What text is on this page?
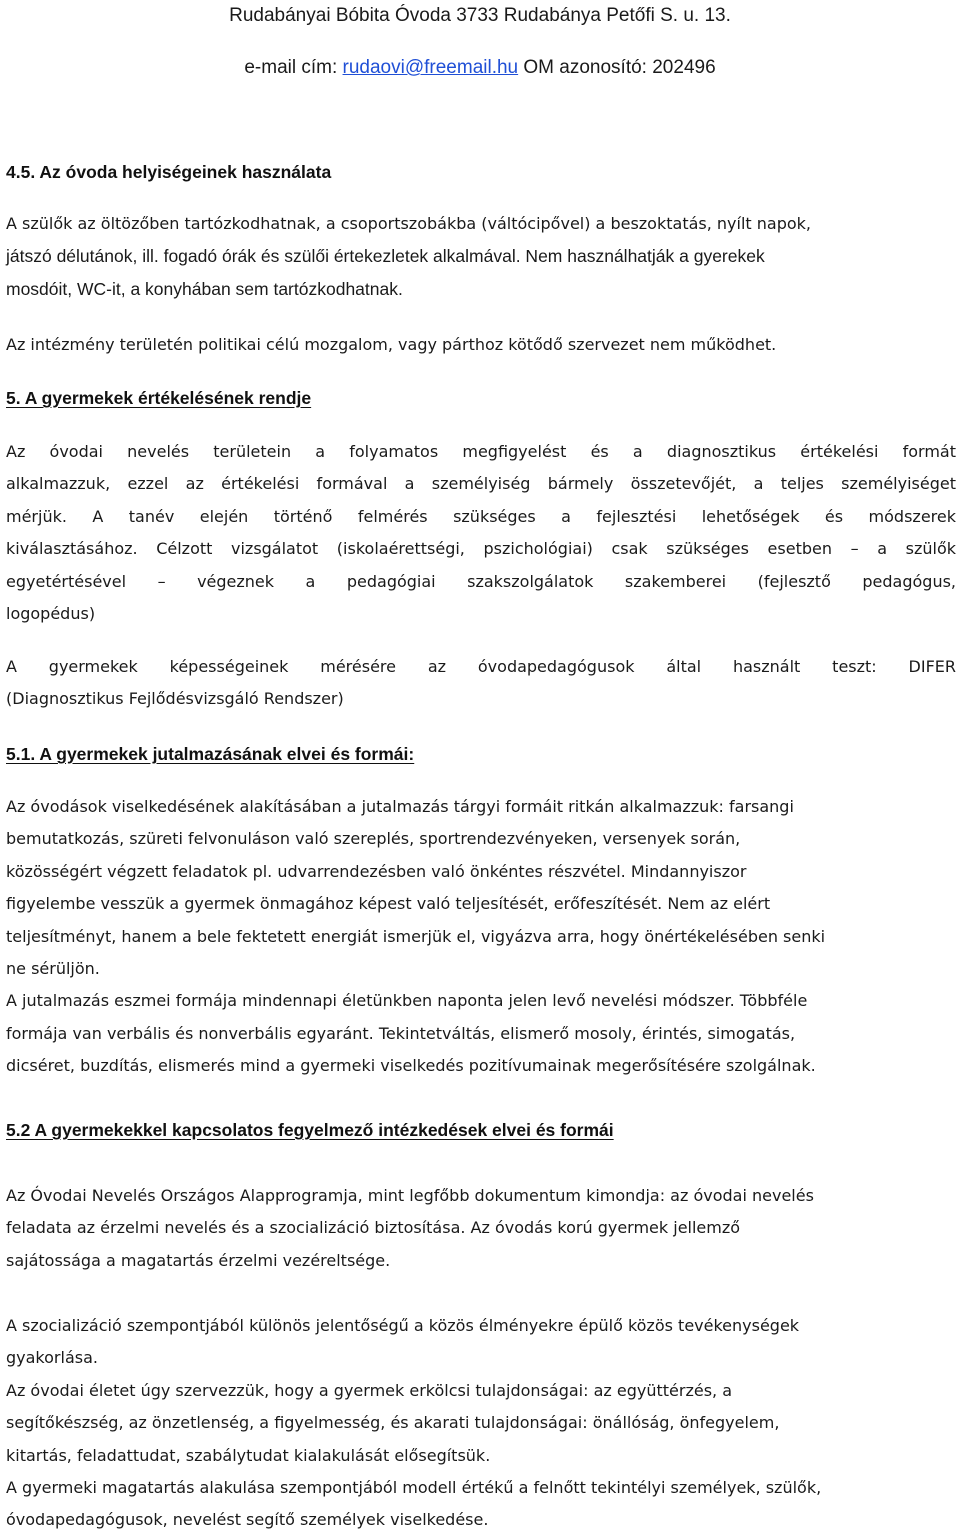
Rudabányai Bóbita Óvoda 3733 Rudabánya Petőfi S. u. 13.
e-mail cím: rudaovi@freemail.hu OM azonosító: 202496
4.5. Az óvoda helyiségeinek használata
A szülők az öltözőben tartózkodhatnak, a csoportszobákba (váltócipővel) a beszoktatás, nyílt napok,
játszó délutánok, ill. fogadó órák és szülői értekezletek alkalmával. Nem használhatják a gyerekek
mosdóit, WC-it, a konyhában sem tartózkodhatnak.
Az intézmény területén politikai célú mozgalom, vagy párthoz kötődő szervezet nem működhet.
5. A gyermekek értékelésének rendje
Az óvodai nevelés területein a folyamatos megfigyelést és a diagnosztikus értékelési formát
alkalmazzuk, ezzel az értékelési formával a személyiség bármely összetevőjét, a teljes személyiséget
mérjük. A tanév elején történő felmérés szükséges a fejlesztési lehetőségek és módszerek
kiválasztásához. Célzott vizsgálatot (iskolaérettségi, pszichológiai) csak szükséges esetben – a szülők
egyetértésével – végeznek a pedagógiai szakszolgálatok szakemberei (fejlesztő pedagógus,
logopédus)
A gyermekek képességeinek mérésére az óvodapedagógusok által használt teszt: DIFER
(Diagnosztikus Fejlődésvizsgáló Rendszer)
5.1. A gyermekek jutalmazásának elvei és formái:
Az óvodások viselkedésének alakításában a jutalmazás tárgyi formáit ritkán alkalmazzuk: farsangi
bemutatkozás, szüreti felvonuláson való szereplés, sportrendezvényeken, versenyek során,
közösségért végzett feladatok pl. udvarrendezésben való önkéntes részvétel. Mindannyiszor
figyelembe vesszük a gyermek önmagához képest való teljesítését, erőfeszítését. Nem az elért
teljesítményt, hanem a bele fektetett energiát ismerjük el, vigyázva arra, hogy önértékelésében senki
ne sérüljön.
A jutalmazás eszmei formája mindennapi életünkben naponta jelen levő nevelési módszer. Többféle
formája van verbális és nonverbális egyaránt. Tekintetváltás, elismerő mosoly, érintés, simogatás,
dicséret, buzdítás, elismerés mind a gyermeki viselkedés pozitívumainak megerősítésére szolgálnak.
5.2 A gyermekekkel kapcsolatos fegyelmező intézkedések elvei és formái
Az Óvodai Nevelés Országos Alapprogramja, mint legfőbb dokumentum kimondja: az óvodai nevelés
feladata az érzelmi nevelés és a szocializáció biztosítása. Az óvodás korú gyermek jellemző
sajátossága a magatartás érzelmi vezéreltsége.
A szocializáció szempontjából különös jelentőségű a közös élményekre épülő közös tevékenységek
gyakorlása.
Az óvodai életet úgy szervezzük, hogy a gyermek erkölcsi tulajdonságai: az együttérzés, a
segítőkészség, az önzetlenség, a figyelmesség, és akarati tulajdonságai: önállóság, önfegyelem,
kitartás, feladattudat, szabálytudat kialakulását elősegítsük.
A gyermeki magatartás alakulása szempontjából modell értékű a felnőtt tekintélyi személyek, szülők,
óvodapedagógusok, nevelést segítő személyek viselkedése.
